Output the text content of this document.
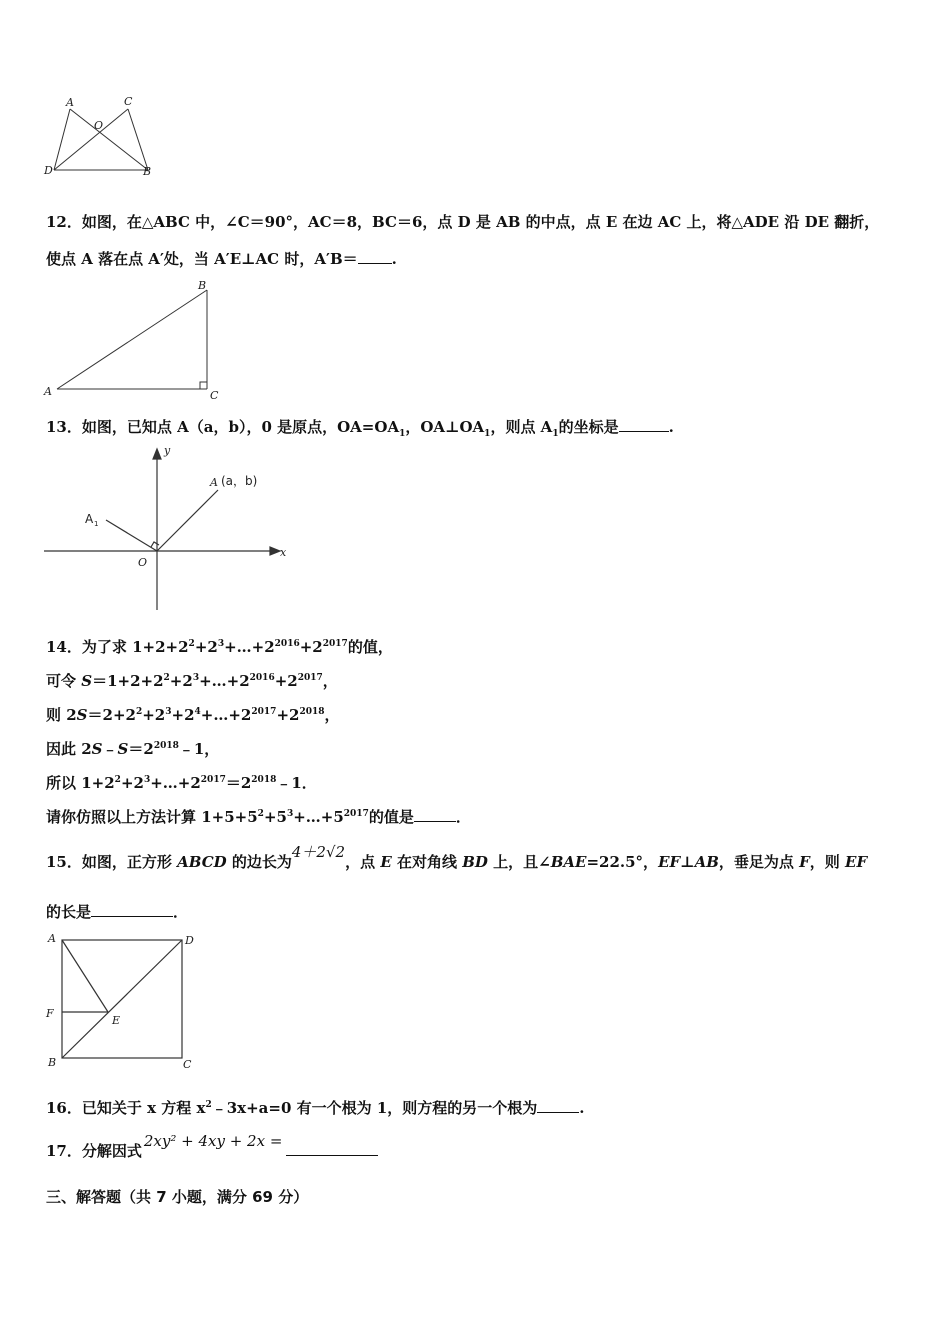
A	C
O
D	B
12．如图，在△ABC 中，∠C＝90°，AC＝8，BC＝6，点 D 是 AB 的中点，点 E 在边 AC 上，将△ADE 沿 DE 翻折，
使点 A 落在点 A′处，当 A′E⊥AC 时，A′B＝ .
A
B
C
13．如图，已知点 A（a，b），0 是原点，$OA=OA_1$，$OA\perp OA_1$，则点 $A_1$的坐标是	.
y
x
O
A (a，b)
A 1
14．为了求 $1+2+2^2+2^3+\dots+2^{2016}+2^{2017}$的值，
可令 $S=1+2+2^2+2^3+\dots+2^{2016}+2^{2017}$，
则 $2S=2+2^2+2^3+2^4+\dots+2^{2017}+2^{2018}$，
因此 $2S﹣S=2^{2018}﹣1$，
所以 $1+2^2+2^3+\dots+2^{2017}=2^{2018}﹣1$．
请你仿照以上方法计算 $1+5+5^2+5^3+\dots+5^{2017}$的值是	．
15．如图，正方形 ABCD 的边长为4＋2√2，点 E 在对角线 BD 上，且∠BAE=22.5°，EF⊥AB，垂足为点 F，则 EF
的长是	．
A	D
F
E
B	C
16．已知关于 x 方程 $x^2﹣3x+a=0$ 有一个根为 1，则方程的另一个根为	.
17．分解因式2xy² + 4xy + 2x =
三、解答题（共 7 小题，满分 69 分）
